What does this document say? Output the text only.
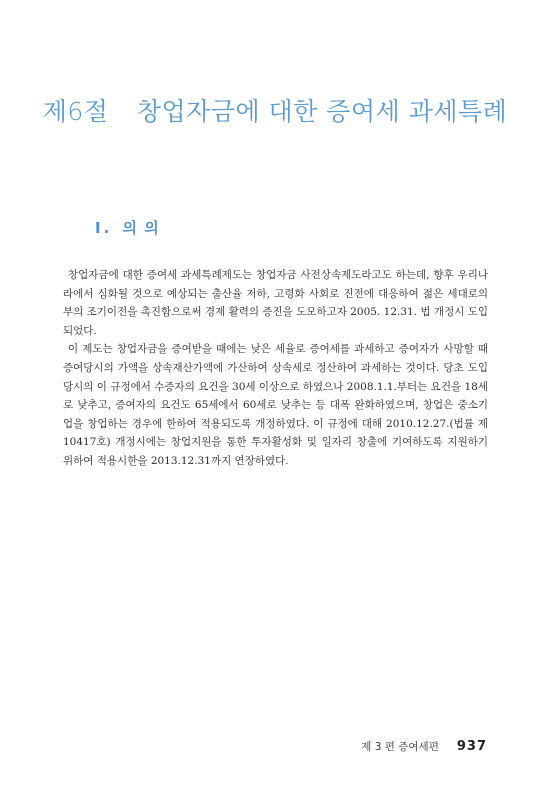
제6절 창업자금에 대한 증여세 과세특례
Ⅰ . 의 의

창업자금에 대한 증여세 과세특례제도는 창업자금 사전상속제도라고도 하는데, 향후 우리나라에서 심화될 것으로 예상되는 출산율 저하, 고령화 사회로 진전에 대응하여 젊은 세대로의 부의 조기이전을 촉진함으로써 경제 활력의 증진을 도모하고자 2005. 12.31. 법 개정시 도입되었다.

이 제도는 창업자금을 증여받을 때에는 낮은 세율로 증여세를 과세하고 증여자가 사망할 때 증여당시의 가액을 상속재산가액에 가산하여 상속세로 정산하여 과세하는 것이다. 당초 도입 당시의 이 규정에서 수증자의 요건을 30세 이상으로 하였으나 2008.1.1.부터는 요건을 18세로 낮추고, 증여자의 요건도 65세에서 60세로 낮추는 등 대폭 완화하였으며, 창업은 중소기업을 창업하는 경우에 한하여 적용되도록 개정하였다. 이 규정에 대해 2010.12.27.(법률 제10417호) 개정시에는 창업지원을 통한 투자활성화 및 일자리 창출에 기여하도록 지원하기 위하여 적용시한을 2013.12.31까지 연장하였다.

제 3 편 증여세편 937
